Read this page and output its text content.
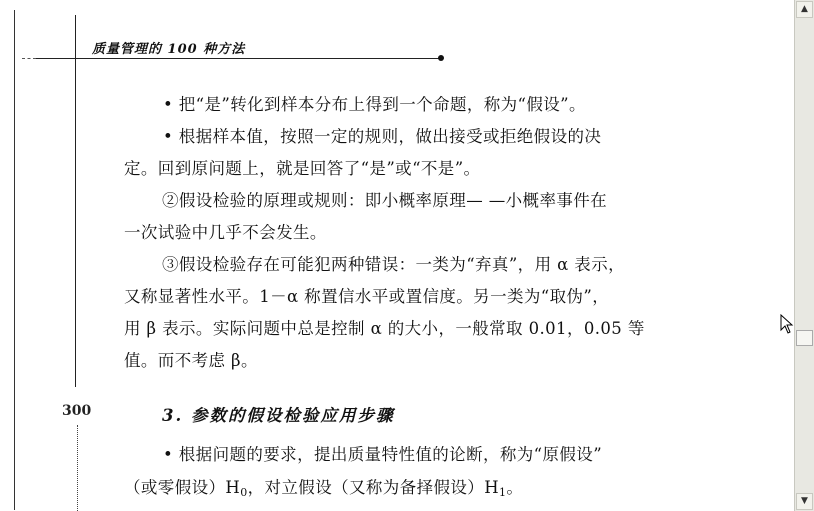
质量管理的 100 种方法
• 把“是”转化到样本分布上得到一个命题，称为“假设”。
• 根据样本值，按照一定的规则，做出接受或拒绝假设的决
定。回到原问题上，就是回答了“是”或“不是”。
②假设检验的原理或规则：即小概率原理— —小概率事件在
一次试验中几乎不会发生。
③假设检验存在可能犯两种错误：一类为“弃真”，用 α 表示，
又称显著性水平。1－α 称置信水平或置信度。另一类为“取伪”，
用 β 表示。实际问题中总是控制 α 的大小，一般常取 0.01，0.05 等
值。而不考虑 β。
300	3. 参数的假设检验应用步骤
• 根据问题的要求，提出质量特性值的论断，称为“原假设”
（或零假设）$H_0$，对立假设（又称为备择假设）$H_1$。
▲
▼
